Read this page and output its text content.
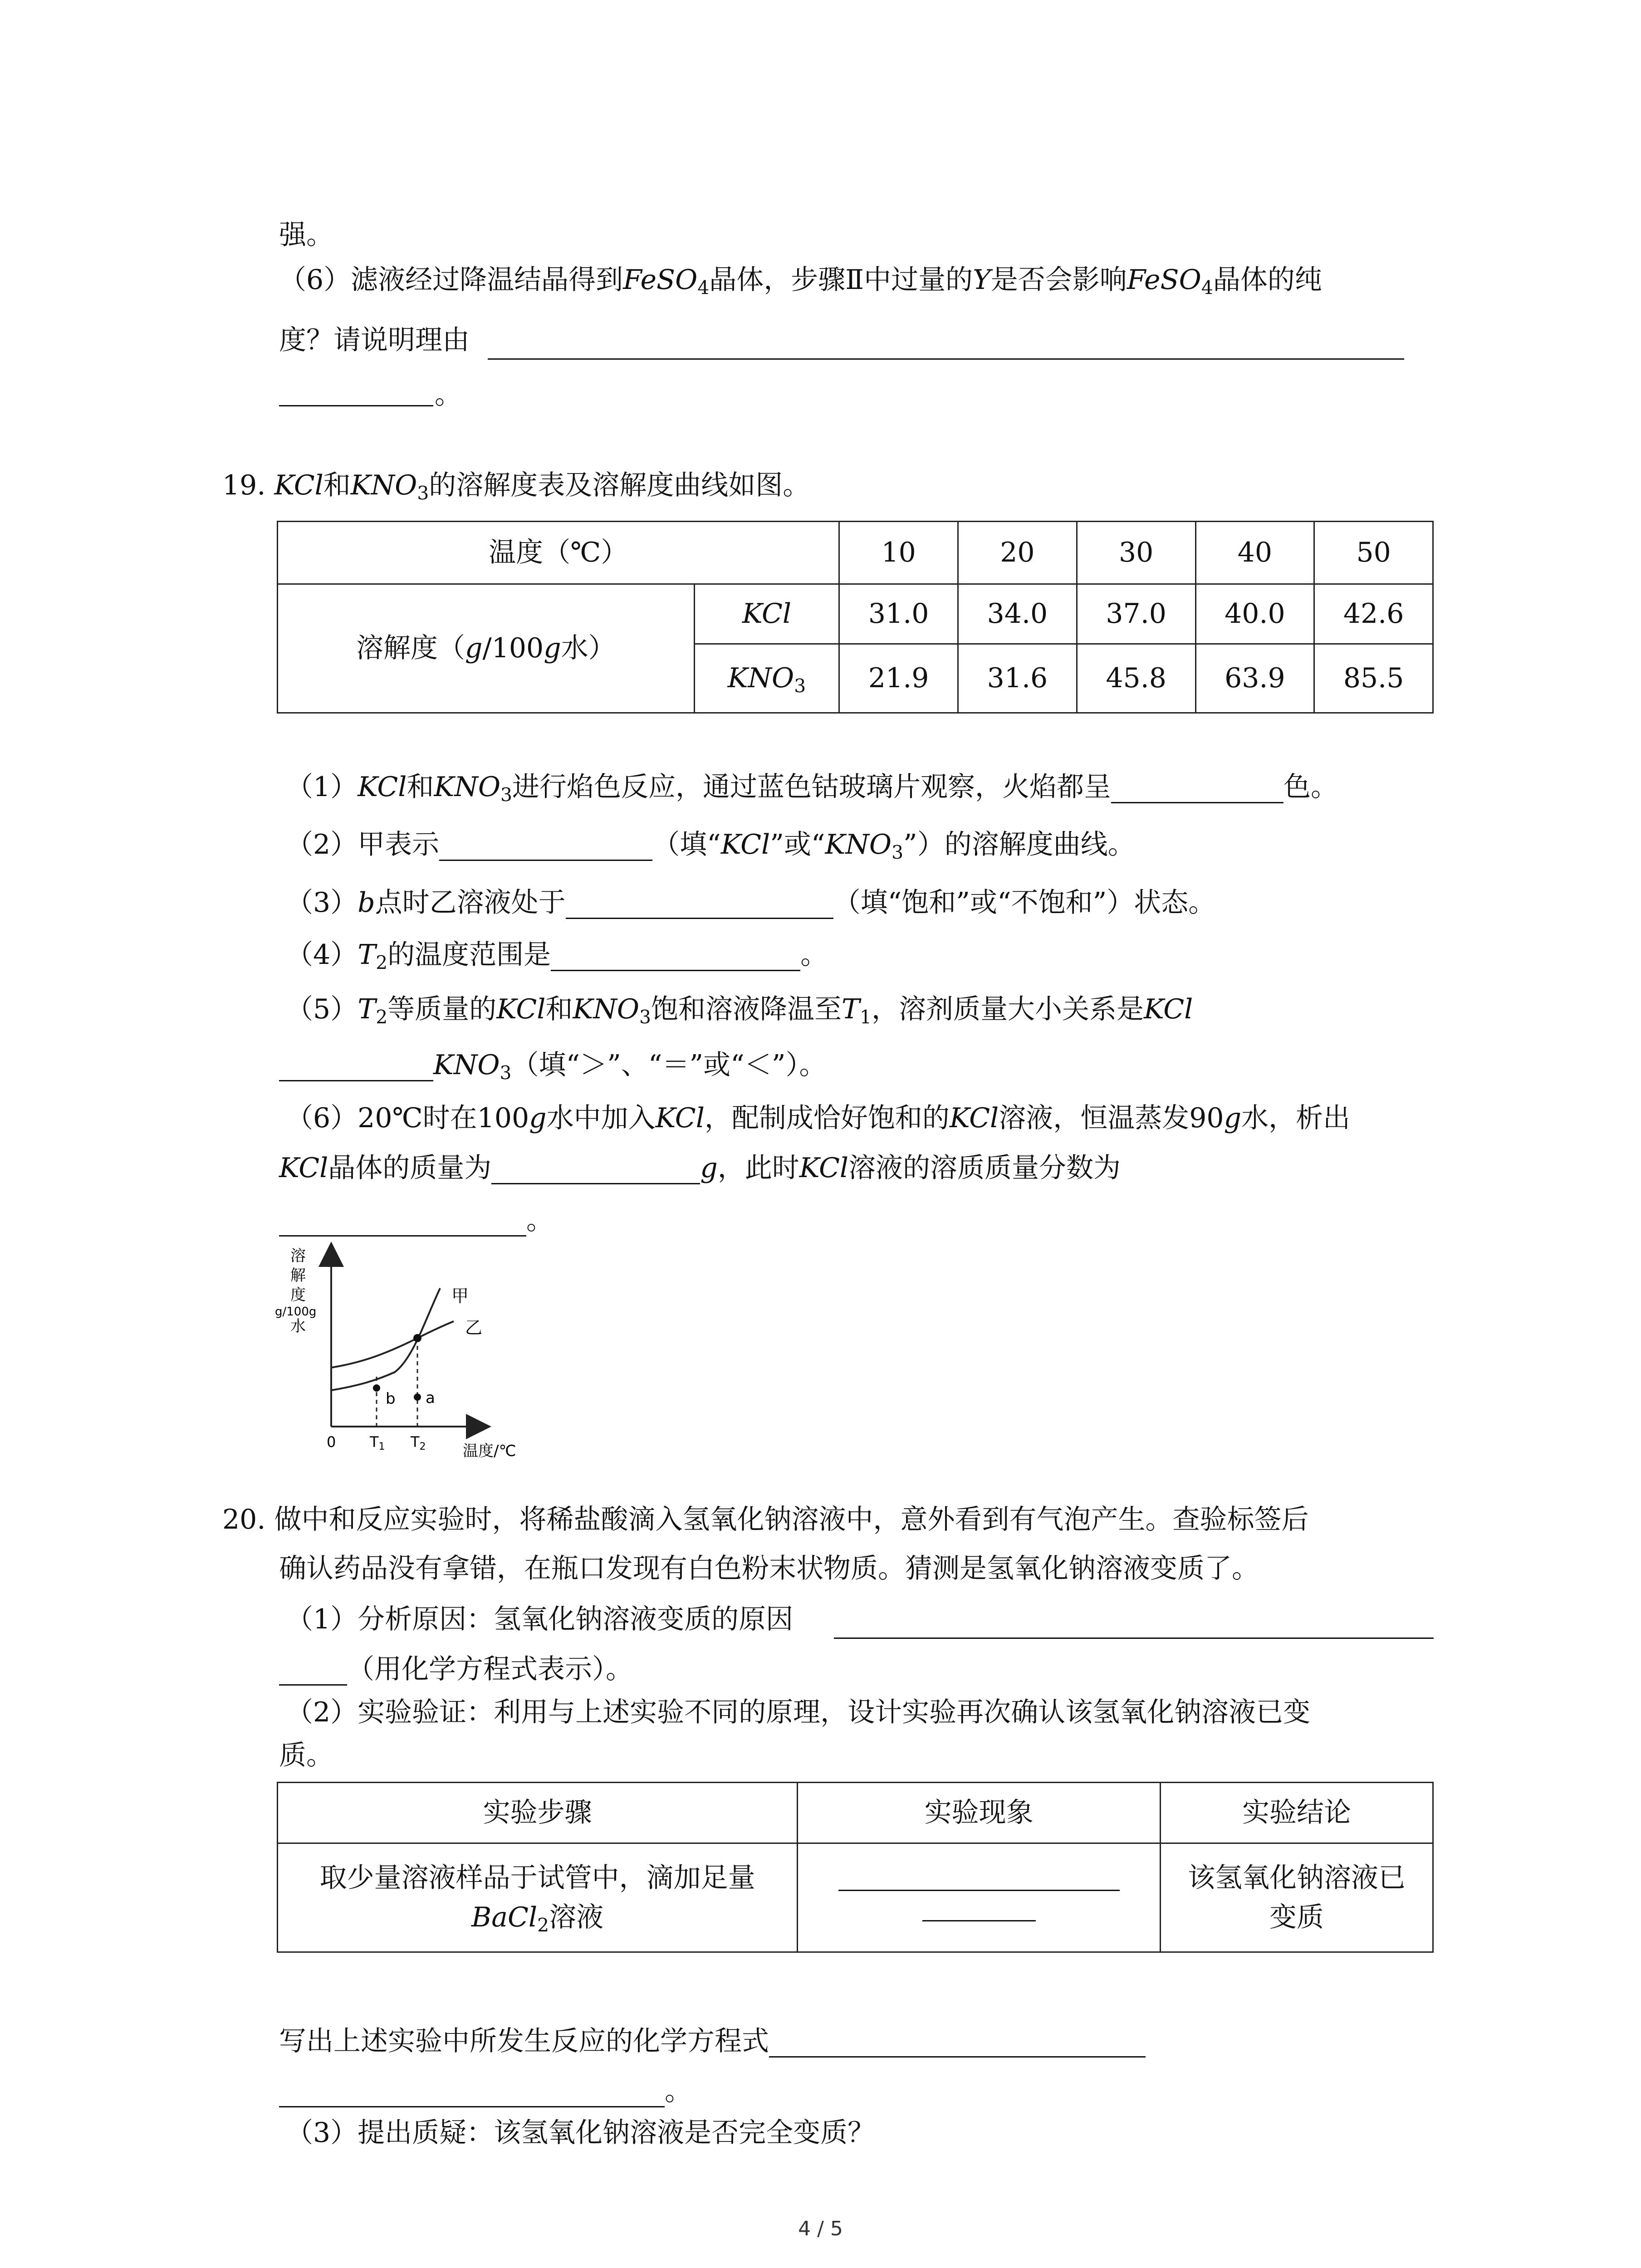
强。
（6）滤液经过降温结晶得到FeSO$_4$晶体，步骤Ⅱ中过量的Y是否会影响FeSO$_4$晶体的纯
度？请说明理由
。
19. KCl和$KNO_3$的溶解度表及溶解度曲线如图。
温度（℃）		10	20	30	40	50
溶解度（g/100g水）	KCl	31.0	34.0	37.0	40.0	42.6
	$KNO_3$	21.9	31.6	45.8	63.9	85.5
（1）KCl和$KNO_3$进行焰色反应，通过蓝色钴玻璃片观察，火焰都呈	色。
（2）甲表示	（填“KCl”或“$KNO_3$”）的溶解度曲线。
（3）b点时乙溶液处于	（填“饱和”或“不饱和”）状态。
$(4)T_2$的温度范围是	。
$(5)T_2$等质量的KCl和$KNO_3$饱和溶液降温至$T_1$，溶剂质量大小关系是KCl
$KNO_3$（填“＞”、“＝”或“＜”）。
（6）20℃时在100g水中加入KCl，配制成恰好饱和的KCl溶液，恒温蒸发90g水，析出
KCl晶体的质量为	g，此时KCl溶液的溶质质量分数为
。
溶
解
度
g/100g
水
0 T1 T2 温度/℃
甲
乙
b a
20. 做中和反应实验时，将稀盐酸滴入氢氧化钠溶液中，意外看到有气泡产生。查验标签后
确认药品没有拿错，在瓶口发现有白色粉末状物质。猜测是氢氧化钠溶液变质了。
（1）分析原因：氢氧化钠溶液变质的原因
（用化学方程式表示）。
（2）实验验证：利用与上述实验不同的原理，设计实验再次确认该氢氧化钠溶液已变
质。
实验步骤	实验现象	实验结论
取少量溶液样品于试管中，滴加足量
BaCl$_2$溶液		该氢氧化钠溶液已
变质
写出上述实验中所发生反应的化学方程式
。
（3）提出质疑：该氢氧化钠溶液是否完全变质？
4 / 5
